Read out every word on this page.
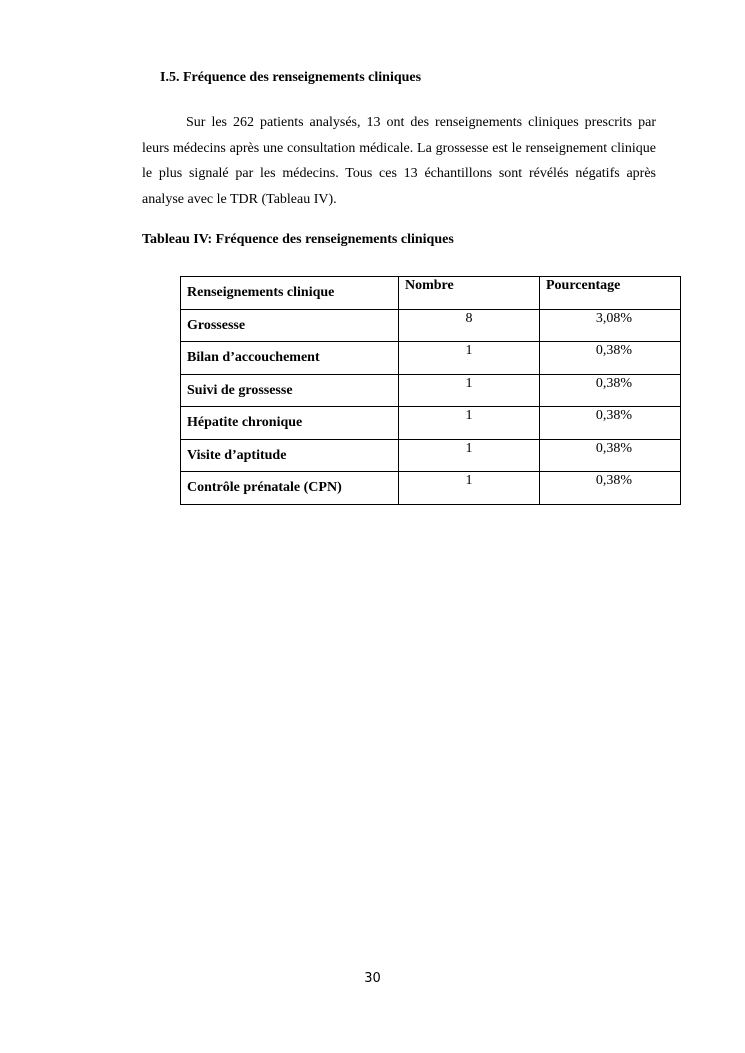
I.5. Fréquence des renseignements cliniques

Sur les 262 patients analysés, 13 ont des renseignements cliniques prescrits par leurs médecins après une consultation médicale. La grossesse est le renseignement clinique le plus signalé par les médecins. Tous ces 13 échantillons sont révélés négatifs après analyse avec le TDR (Tableau IV).

Tableau IV: Fréquence des renseignements cliniques

Renseignements clinique	Nombre	Pourcentage
Grossesse	8	3,08%
Bilan d’accouchement	1	0,38%
Suivi de grossesse	1	0,38%
Hépatite chronique	1	0,38%
Visite d’aptitude	1	0,38%
Contrôle prénatale (CPN)	1	0,38%

30
